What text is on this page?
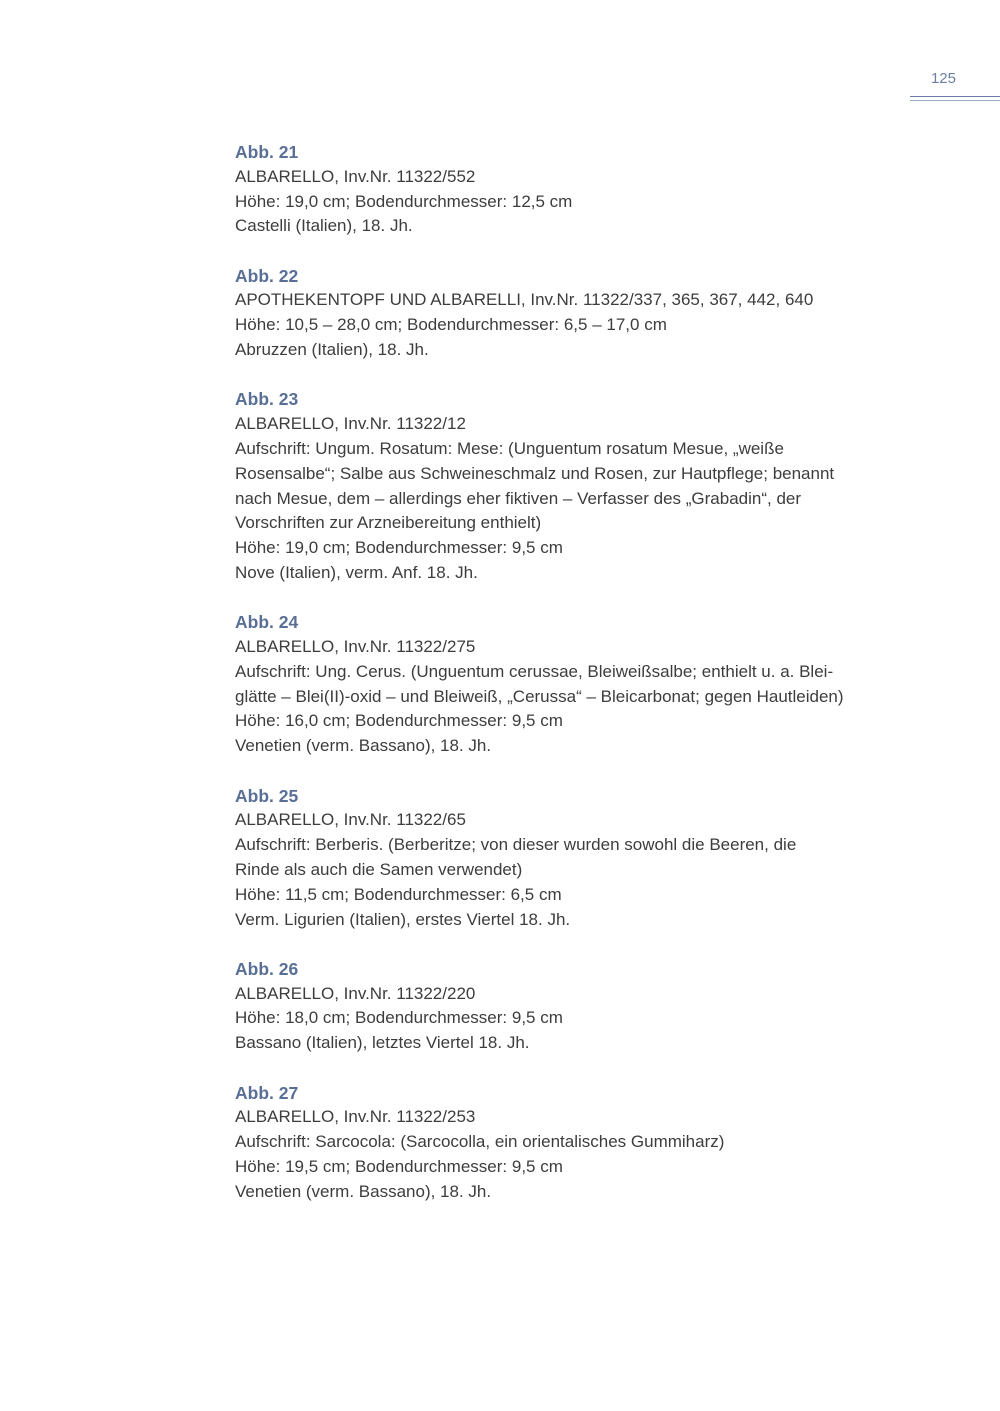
125

Abb. 21

ALBARELLO, Inv.Nr. 11322/552

Höhe: 19,0 cm; Bodendurchmesser: 12,5 cm

Castelli (Italien), 18. Jh.

Abb. 22

APOTHEKENTOPF UND ALBARELLI, Inv.Nr. 11322/337, 365, 367, 442, 640

Höhe: 10,5 – 28,0 cm; Bodendurchmesser: 6,5 – 17,0 cm

Abruzzen (Italien), 18. Jh.

Abb. 23

ALBARELLO, Inv.Nr. 11322/12

Aufschrift: Ungum. Rosatum: Mese: (Unguentum rosatum Mesue, „weiße

Rosensalbe“; Salbe aus Schweineschmalz und Rosen, zur Hautpflege; benannt

nach Mesue, dem – allerdings eher fiktiven – Verfasser des „Grabadin“, der

Vorschriften zur Arzneibereitung enthielt)

Höhe: 19,0 cm; Bodendurchmesser: 9,5 cm

Nove (Italien), verm. Anf. 18. Jh.

Abb. 24

ALBARELLO, Inv.Nr. 11322/275

Aufschrift: Ung. Cerus. (Unguentum cerussae, Bleiweißsalbe; enthielt u. a. Blei-

glätte – Blei(II)-oxid – und Bleiweiß, „Cerussa“ – Bleicarbonat; gegen Hautleiden)

Höhe: 16,0 cm; Bodendurchmesser: 9,5 cm

Venetien (verm. Bassano), 18. Jh.

Abb. 25

ALBARELLO, Inv.Nr. 11322/65

Aufschrift: Berberis. (Berberitze; von dieser wurden sowohl die Beeren, die

Rinde als auch die Samen verwendet)

Höhe: 11,5 cm; Bodendurchmesser: 6,5 cm

Verm. Ligurien (Italien), erstes Viertel 18. Jh.

Abb. 26

ALBARELLO, Inv.Nr. 11322/220

Höhe: 18,0 cm; Bodendurchmesser: 9,5 cm

Bassano (Italien), letztes Viertel 18. Jh.

Abb. 27

ALBARELLO, Inv.Nr. 11322/253

Aufschrift: Sarcocola: (Sarcocolla, ein orientalisches Gummiharz)

Höhe: 19,5 cm; Bodendurchmesser: 9,5 cm

Venetien (verm. Bassano), 18. Jh.
